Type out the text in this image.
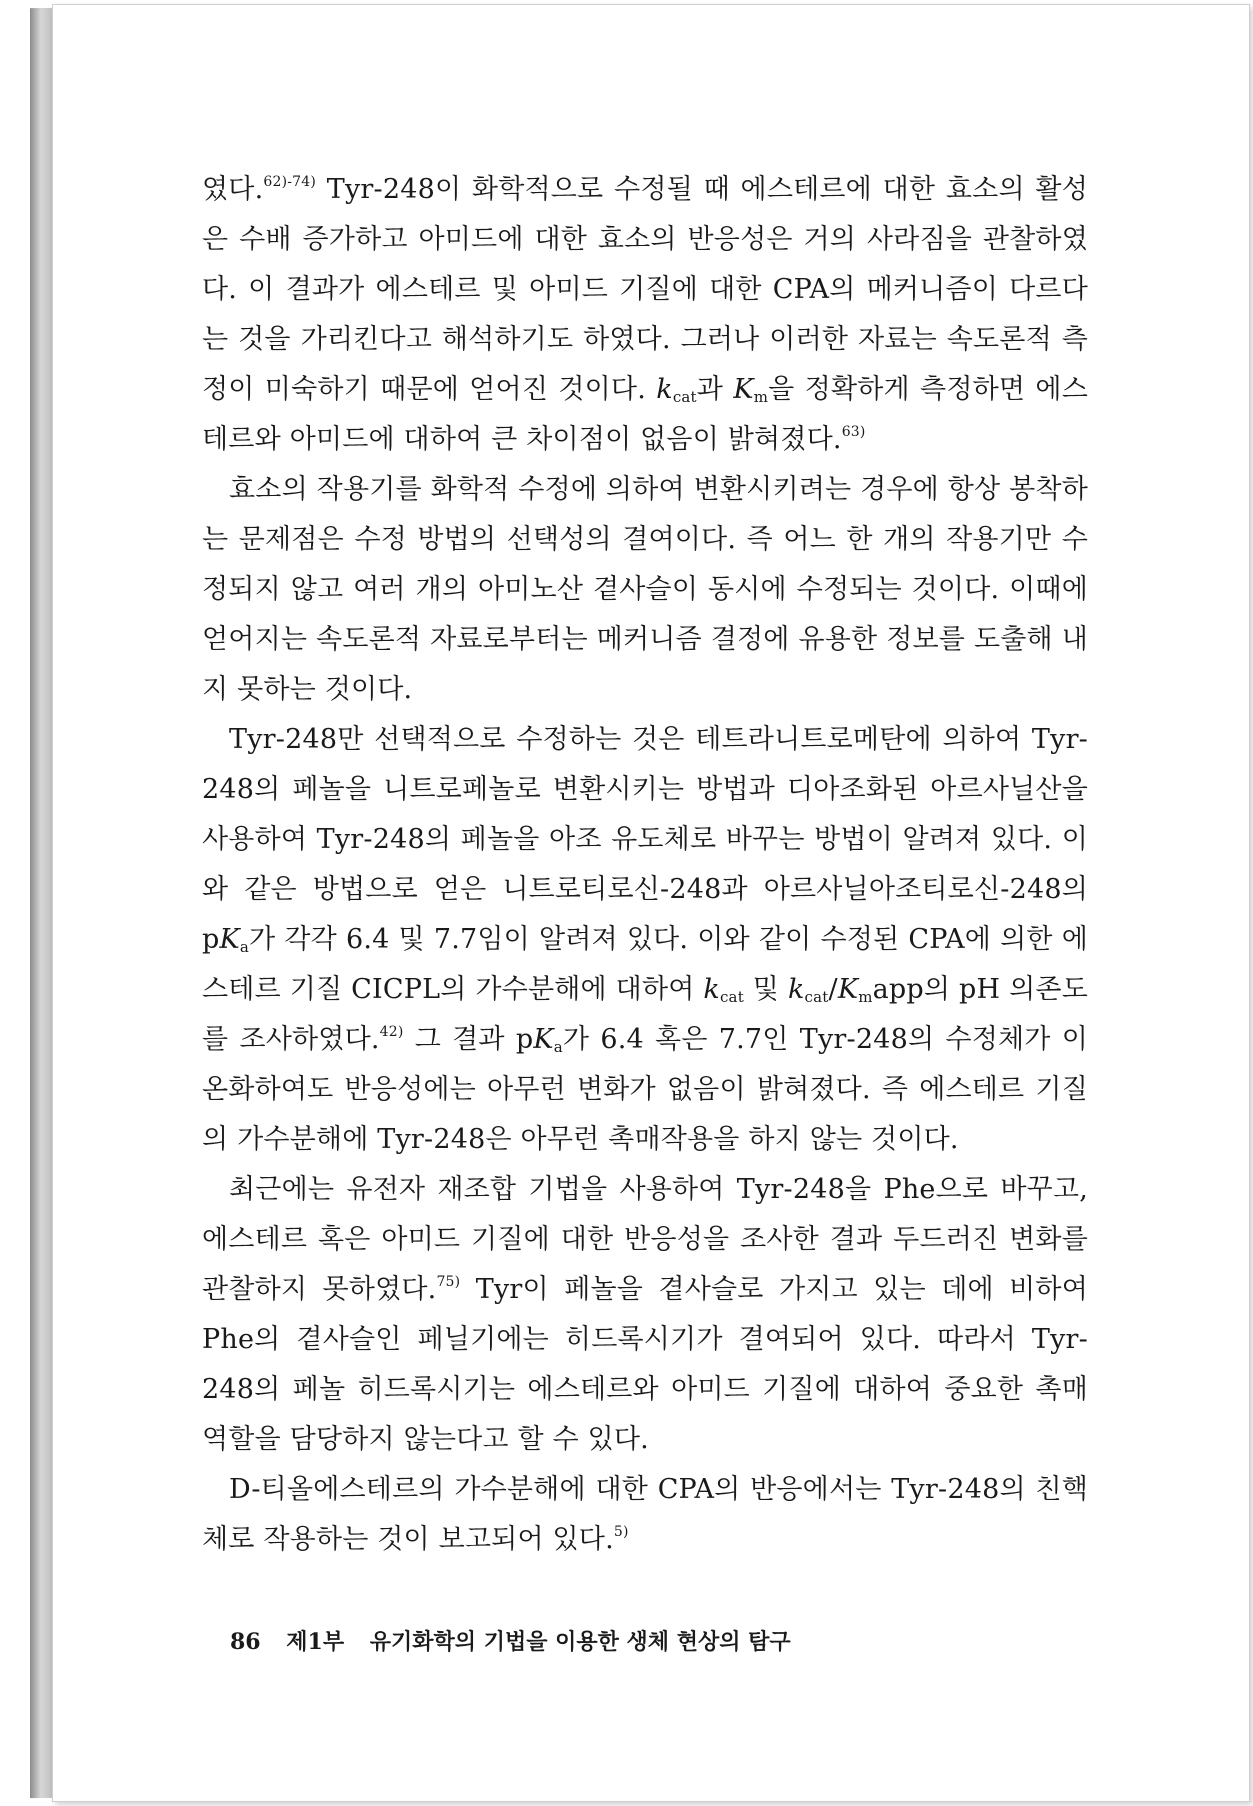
였다.$^{62)-74)}$ Tyr-248이 화학적으로 수정될 때 에스테르에 대한 효소의 활성은 수배 증가하고 아미드에 대한 효소의 반응성은 거의 사라짐을 관찰하였다. 이 결과가 에스테르 및 아미드 기질에 대한 CPA의 메커니즘이 다르다는 것을 가리킨다고 해석하기도 하였다. 그러나 이러한 자료는 속도론적 측정이 미숙하기 때문에 얻어진 것이다. $k_{cat}$과 $K_m$을 정확하게 측정하면 에스테르와 아미드에 대하여 큰 차이점이 없음이 밝혀졌다.$^{63)}$

효소의 작용기를 화학적 수정에 의하여 변환시키려는 경우에 항상 봉착하는 문제점은 수정 방법의 선택성의 결여이다. 즉 어느 한 개의 작용기만 수정되지 않고 여러 개의 아미노산 곁사슬이 동시에 수정되는 것이다. 이때에 얻어지는 속도론적 자료로부터는 메커니즘 결정에 유용한 정보를 도출해 내지 못하는 것이다.

Tyr-248만 선택적으로 수정하는 것은 테트라니트로메탄에 의하여 Tyr-248의 페놀을 니트로페놀로 변환시키는 방법과 디아조화된 아르사닐산을 사용하여 Tyr-248의 페놀을 아조 유도체로 바꾸는 방법이 알려져 있다. 이와 같은 방법으로 얻은 니트로티로신-248과 아르사닐아조티로신-248의 $pK_a$가 각각 6.4 및 7.7임이 알려져 있다. 이와 같이 수정된 CPA에 의한 에스테르 기질 CICPL의 가수분해에 대하여 $k_{cat}$ 및 $k_{cat}/K_mapp$의 pH 의존도를 조사하였다.$^{42)}$ 그 결과 $pK_a$가 6.4 혹은 7.7인 Tyr-248의 수정체가 이온화하여도 반응성에는 아무런 변화가 없음이 밝혀졌다. 즉 에스테르 기질의 가수분해에 Tyr-248은 아무런 촉매작용을 하지 않는 것이다.

최근에는 유전자 재조합 기법을 사용하여 Tyr-248을 Phe으로 바꾸고, 에스테르 혹은 아미드 기질에 대한 반응성을 조사한 결과 두드러진 변화를 관찰하지 못하였다.$^{75)}$ Tyr이 페놀을 곁사슬로 가지고 있는 데에 비하여 Phe의 곁사슬인 페닐기에는 히드록시기가 결여되어 있다. 따라서 Tyr-248의 페놀 히드록시기는 에스테르와 아미드 기질에 대하여 중요한 촉매 역할을 담당하지 않는다고 할 수 있다.

D-티올에스테르의 가수분해에 대한 CPA의 반응에서는 Tyr-248의 친핵체로 작용하는 것이 보고되어 있다.$^{5)}$

86 제1부 유기화학의 기법을 이용한 생체 현상의 탐구
